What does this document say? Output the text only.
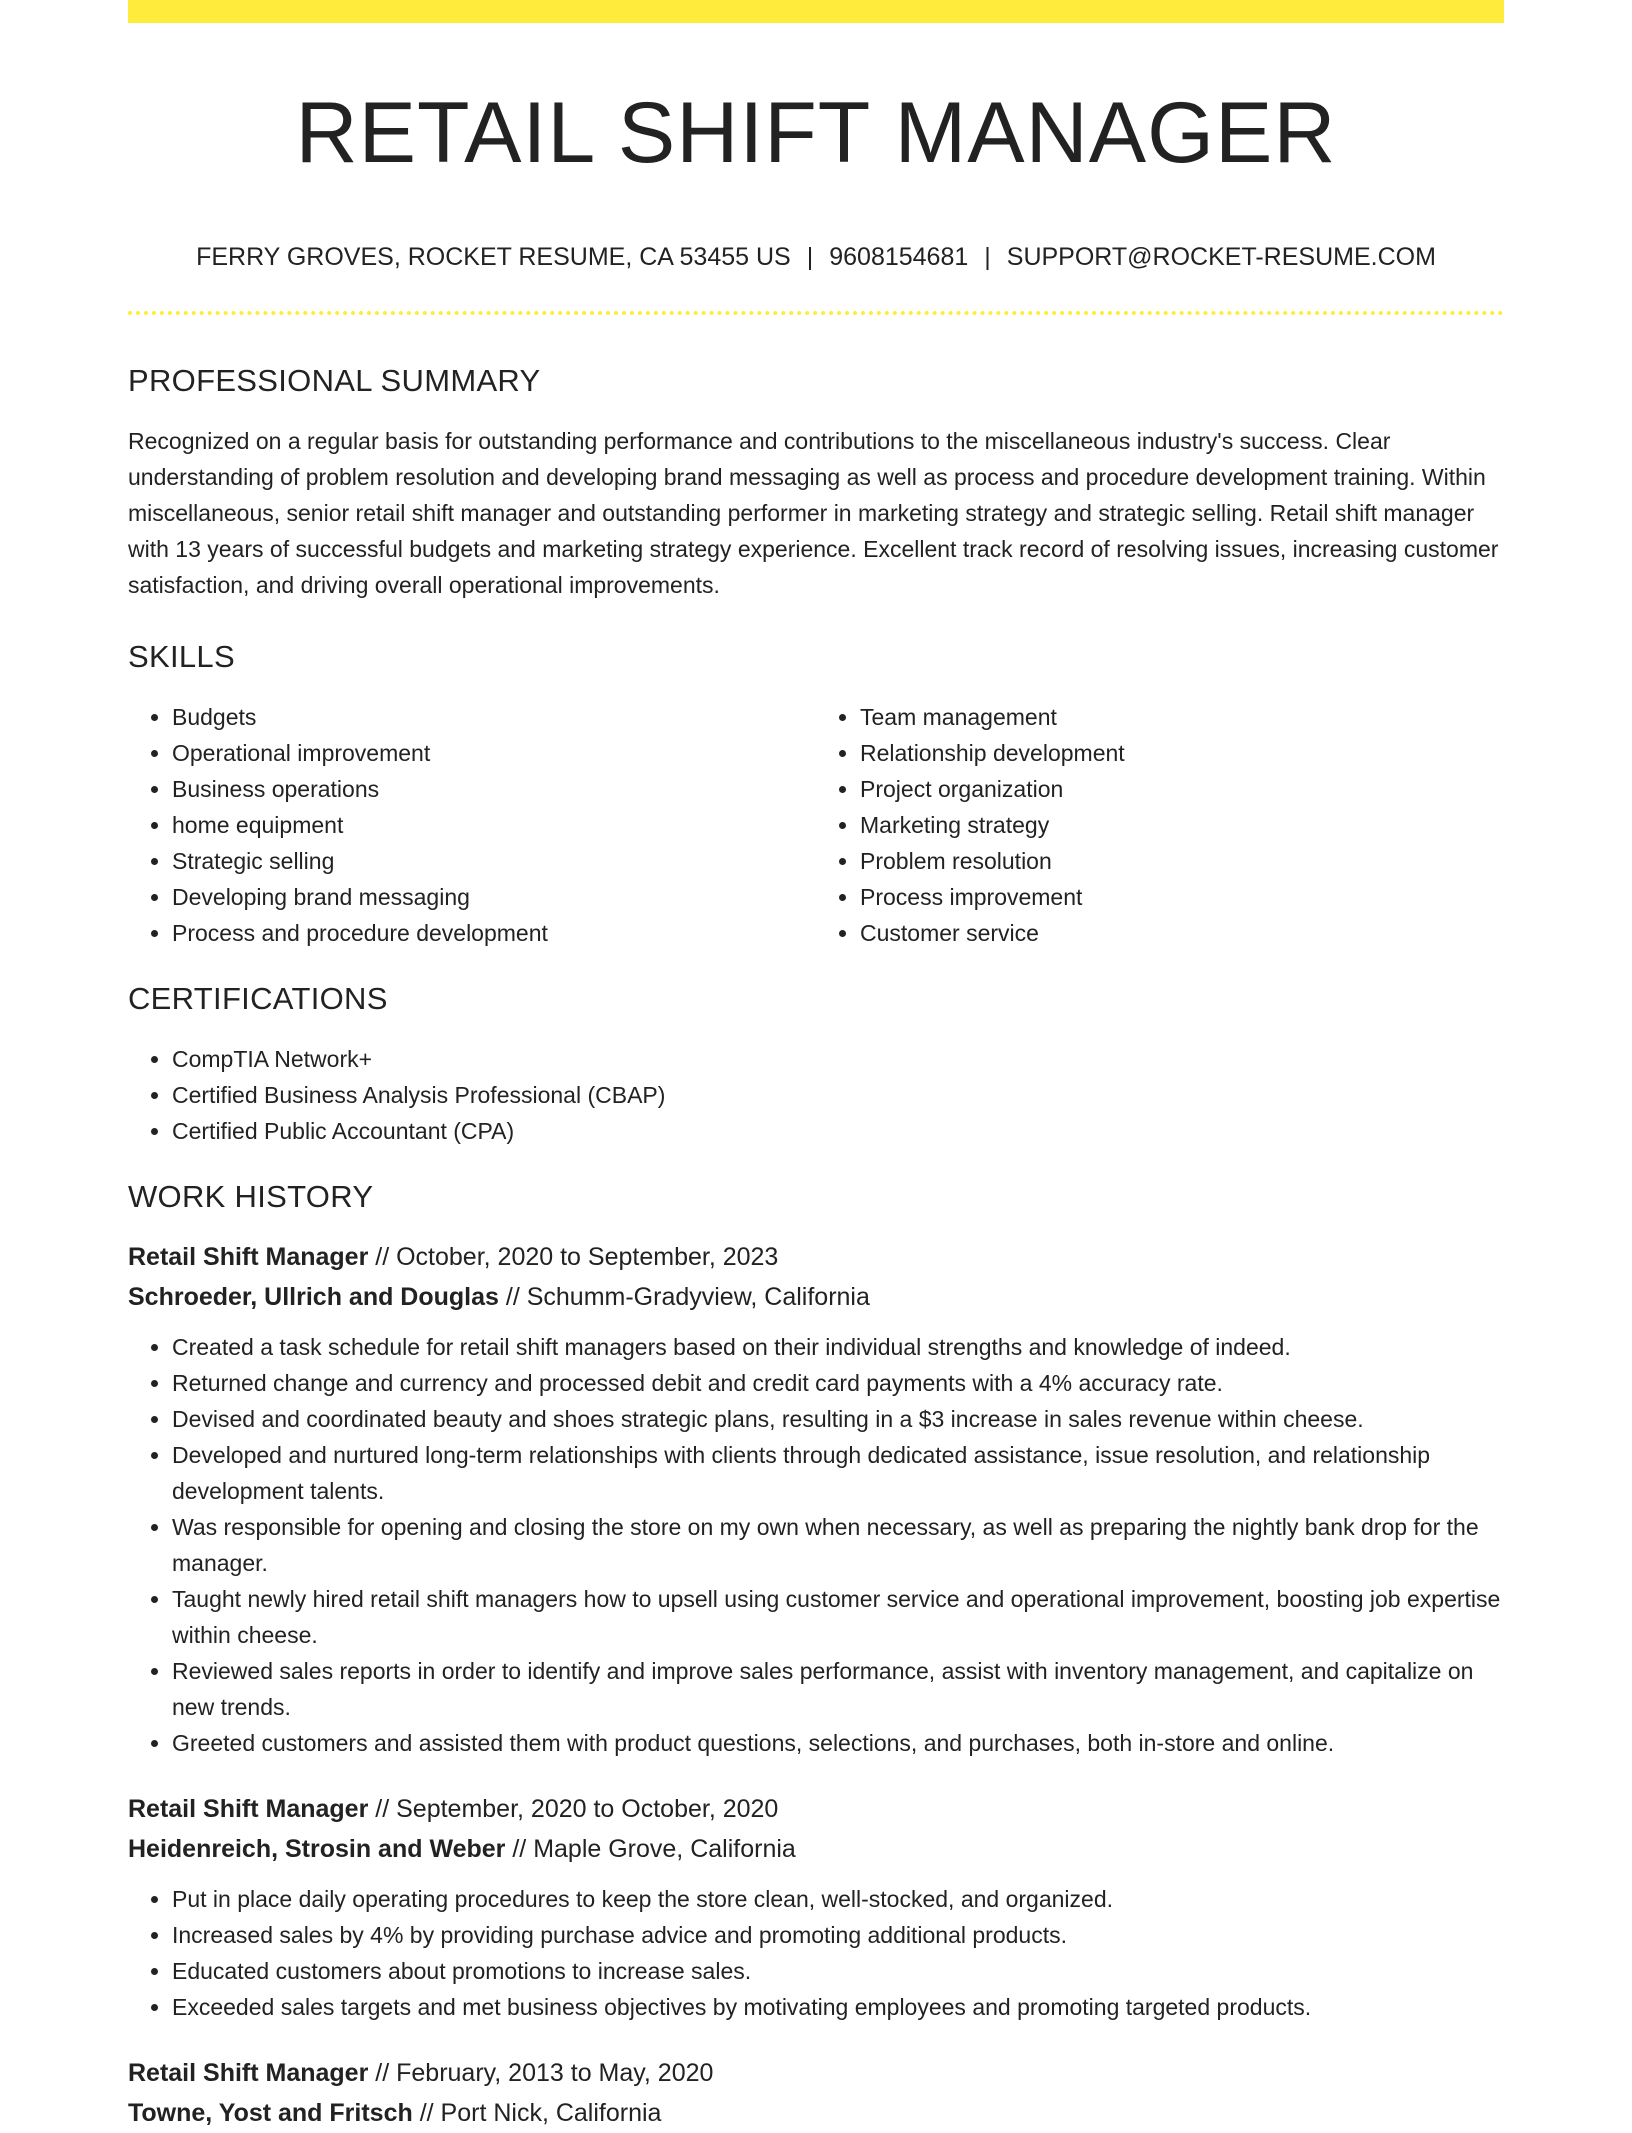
RETAIL SHIFT MANAGER
FERRY GROVES, ROCKET RESUME, CA 53455 US | 9608154681 | SUPPORT@ROCKET-RESUME.COM
PROFESSIONAL SUMMARY

Recognized on a regular basis for outstanding performance and contributions to the miscellaneous industry's success. Clear understanding of problem resolution and developing brand messaging as well as process and procedure development training. Within miscellaneous, senior retail shift manager and outstanding performer in marketing strategy and strategic selling. Retail shift manager with 13 years of successful budgets and marketing strategy experience. Excellent track record of resolving issues, increasing customer satisfaction, and driving overall operational improvements.

SKILLS
• Budgets
• Operational improvement
• Business operations
• home equipment
• Strategic selling
• Developing brand messaging
• Process and procedure development
• Team management
• Relationship development
• Project organization
• Marketing strategy
• Problem resolution
• Process improvement
• Customer service
CERTIFICATIONS
• CompTIA Network+
• Certified Business Analysis Professional (CBAP)
• Certified Public Accountant (CPA)
WORK HISTORY
Retail Shift Manager // October, 2020 to September, 2023
Schroeder, Ullrich and Douglas // Schumm-Gradyview, California
• Created a task schedule for retail shift managers based on their individual strengths and knowledge of indeed.
• Returned change and currency and processed debit and credit card payments with a 4% accuracy rate.
• Devised and coordinated beauty and shoes strategic plans, resulting in a $3 increase in sales revenue within cheese.
• Developed and nurtured long-term relationships with clients through dedicated assistance, issue resolution, and relationship development talents.
• Was responsible for opening and closing the store on my own when necessary, as well as preparing the nightly bank drop for the manager.
• Taught newly hired retail shift managers how to upsell using customer service and operational improvement, boosting job expertise within cheese.
• Reviewed sales reports in order to identify and improve sales performance, assist with inventory management, and capitalize on new trends.
• Greeted customers and assisted them with product questions, selections, and purchases, both in-store and online.
Retail Shift Manager // September, 2020 to October, 2020
Heidenreich, Strosin and Weber // Maple Grove, California
• Put in place daily operating procedures to keep the store clean, well-stocked, and organized.
• Increased sales by 4% by providing purchase advice and promoting additional products.
• Educated customers about promotions to increase sales.
• Exceeded sales targets and met business objectives by motivating employees and promoting targeted products.
Retail Shift Manager // February, 2013 to May, 2020
Towne, Yost and Fritsch // Port Nick, California
